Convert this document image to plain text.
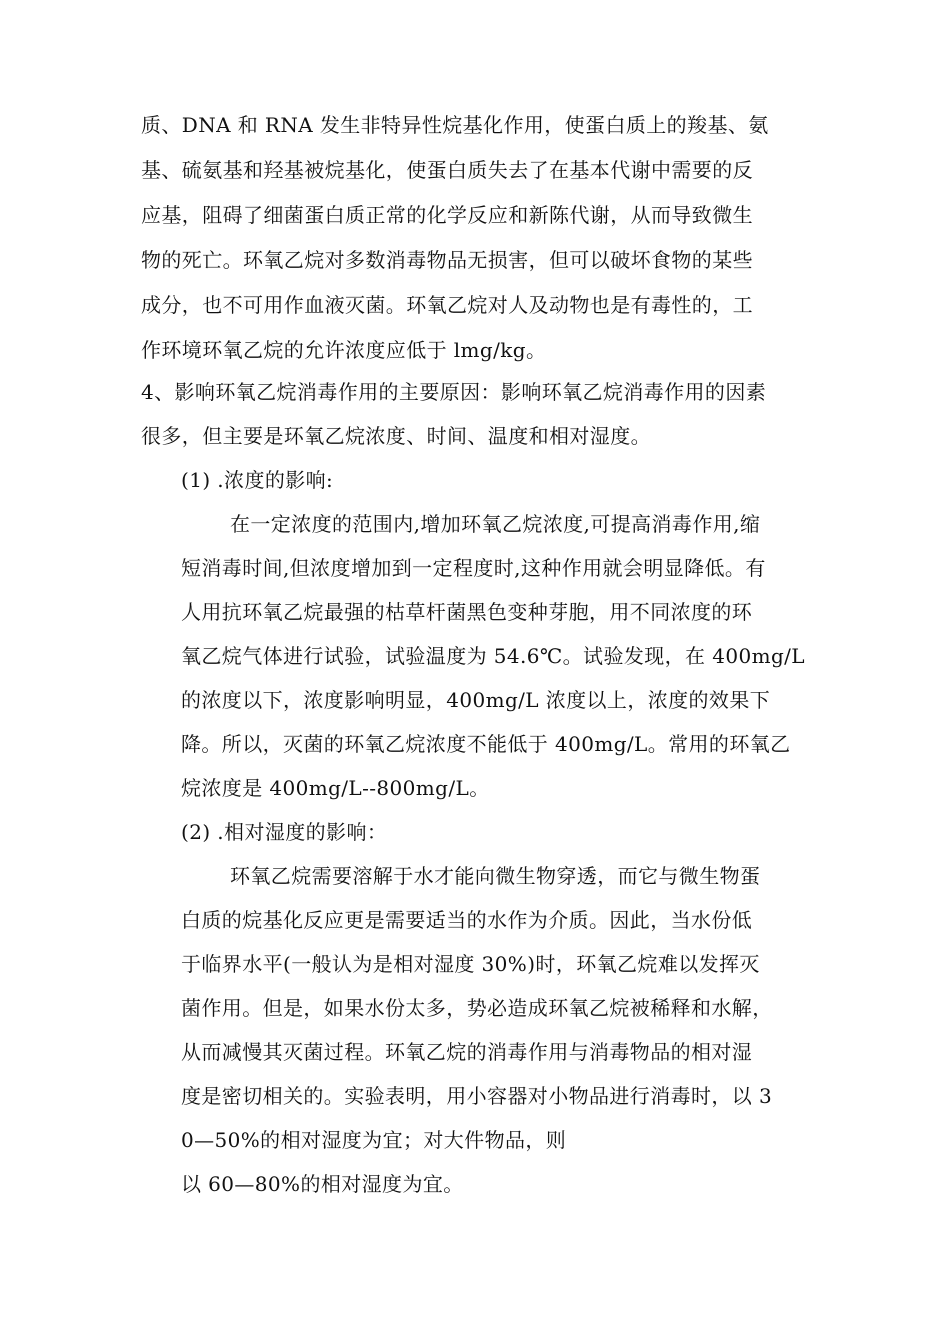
质、DNA 和 RNA 发生非特异性烷基化作用，使蛋白质上的羧基、氨
基、硫氨基和羟基被烷基化，使蛋白质失去了在基本代谢中需要的反
应基，阻碍了细菌蛋白质正常的化学反应和新陈代谢，从而导致微生
物的死亡。环氧乙烷对多数消毒物品无损害，但可以破坏食物的某些
成分，也不可用作血液灭菌。环氧乙烷对人及动物也是有毒性的，工
作环境环氧乙烷的允许浓度应低于 lmg/kg。
4、影响环氧乙烷消毒作用的主要原因：影响环氧乙烷消毒作用的因素
很多，但主要是环氧乙烷浓度、时间、温度和相对湿度。
(1) .浓度的影响:
在一定浓度的范围内,增加环氧乙烷浓度,可提高消毒作用,缩
短消毒时间,但浓度增加到一定程度时,这种作用就会明显降低。有
人用抗环氧乙烷最强的枯草杆菌黑色变种芽胞，用不同浓度的环
氧乙烷气体进行试验，试验温度为 54.6℃。试验发现，在 400mg/L
的浓度以下，浓度影响明显，400mg/L 浓度以上，浓度的效果下
降。所以，灭菌的环氧乙烷浓度不能低于 400mg/L。常用的环氧乙
烷浓度是 400mg/L--800mg/L。
(2) .相对湿度的影响：
环氧乙烷需要溶解于水才能向微生物穿透，而它与微生物蛋
白质的烷基化反应更是需要适当的水作为介质。因此，当水份低
于临界水平(一般认为是相对湿度 30%)时，环氧乙烷难以发挥灭
菌作用。但是，如果水份太多，势必造成环氧乙烷被稀释和水解，
从而减慢其灭菌过程。环氧乙烷的消毒作用与消毒物品的相对湿
度是密切相关的。实验表明，用小容器对小物品进行消毒时，以 3
0—50%的相对湿度为宜；对大件物品，则
以 60—80%的相对湿度为宜。
